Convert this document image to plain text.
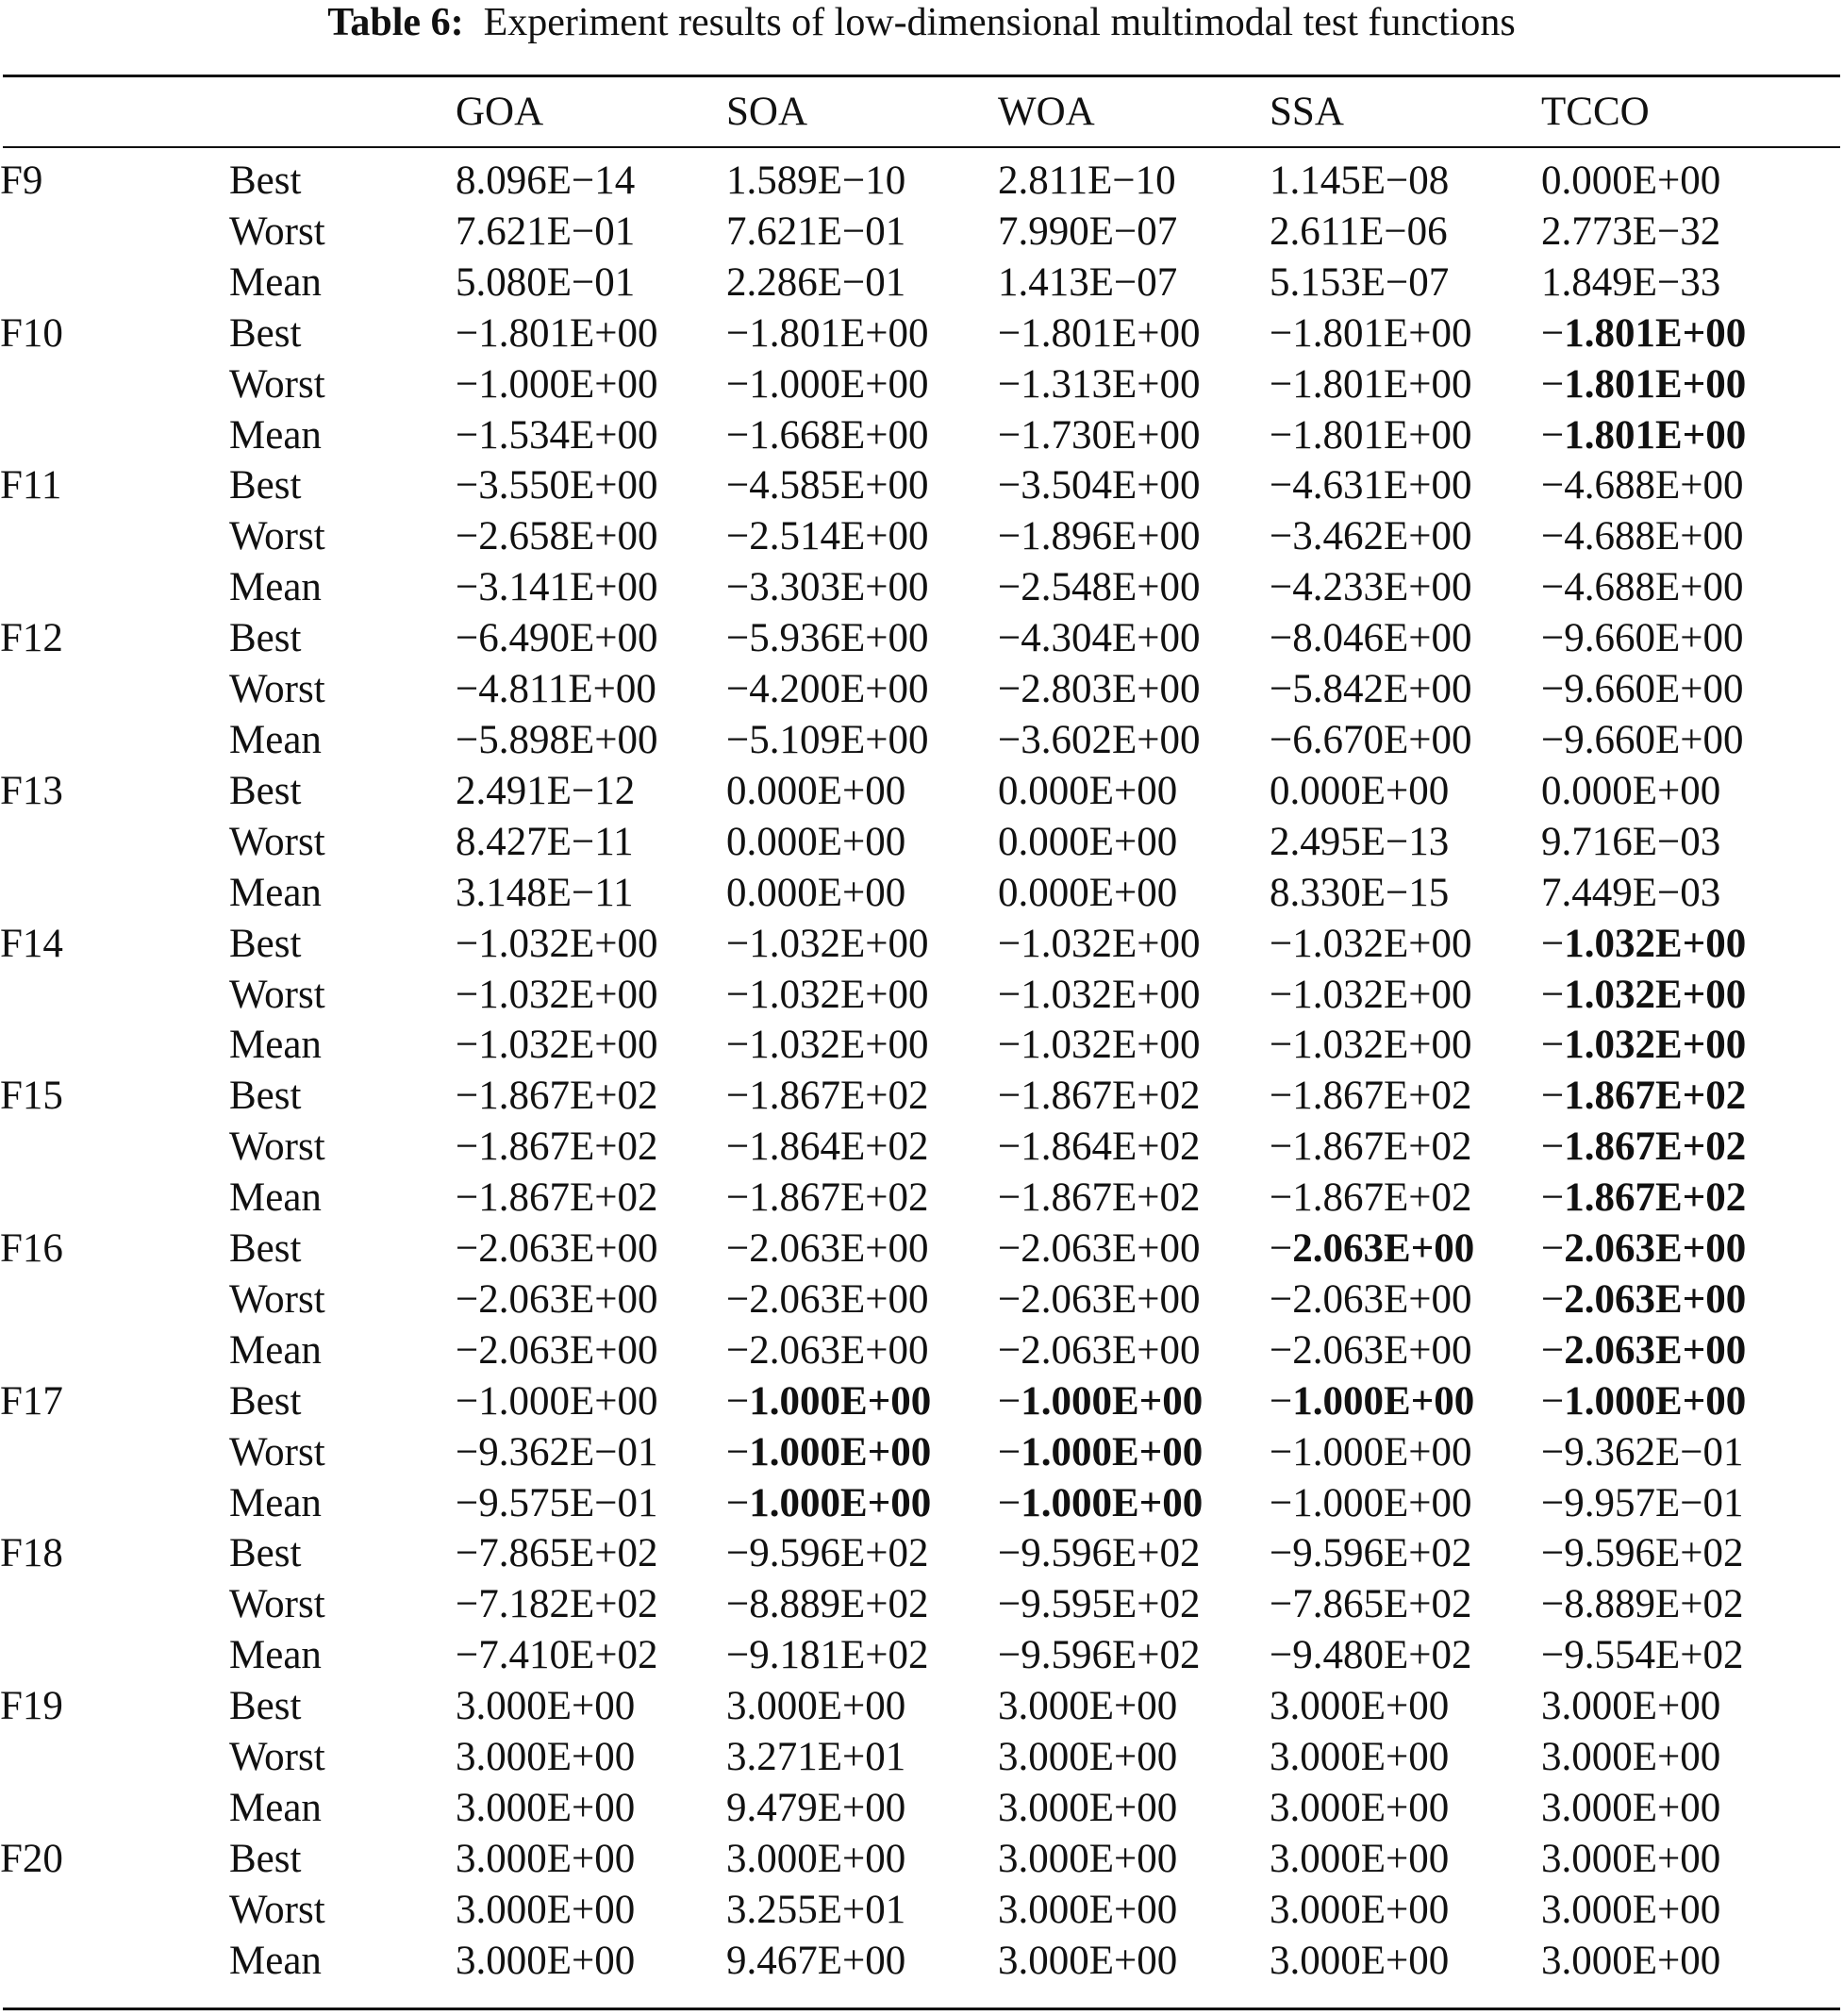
Table 6: Experiment results of low-dimensional multimodal test functions
		GOA	SOA	WOA	SSA	TCCO
F9	Best	8.096E−14	1.589E−10	2.811E−10	1.145E−08	0.000E+00
	Worst	7.621E−01	7.621E−01	7.990E−07	2.611E−06	2.773E−32
	Mean	5.080E−01	2.286E−01	1.413E−07	5.153E−07	1.849E−33
F10	Best	−1.801E+00	−1.801E+00	−1.801E+00	−1.801E+00	−1.801E+00
	Worst	−1.000E+00	−1.000E+00	−1.313E+00	−1.801E+00	−1.801E+00
	Mean	−1.534E+00	−1.668E+00	−1.730E+00	−1.801E+00	−1.801E+00
F11	Best	−3.550E+00	−4.585E+00	−3.504E+00	−4.631E+00	−4.688E+00
	Worst	−2.658E+00	−2.514E+00	−1.896E+00	−3.462E+00	−4.688E+00
	Mean	−3.141E+00	−3.303E+00	−2.548E+00	−4.233E+00	−4.688E+00
F12	Best	−6.490E+00	−5.936E+00	−4.304E+00	−8.046E+00	−9.660E+00
	Worst	−4.811E+00	−4.200E+00	−2.803E+00	−5.842E+00	−9.660E+00
	Mean	−5.898E+00	−5.109E+00	−3.602E+00	−6.670E+00	−9.660E+00
F13	Best	2.491E−12	0.000E+00	0.000E+00	0.000E+00	0.000E+00
	Worst	8.427E−11	0.000E+00	0.000E+00	2.495E−13	9.716E−03
	Mean	3.148E−11	0.000E+00	0.000E+00	8.330E−15	7.449E−03
F14	Best	−1.032E+00	−1.032E+00	−1.032E+00	−1.032E+00	−1.032E+00
	Worst	−1.032E+00	−1.032E+00	−1.032E+00	−1.032E+00	−1.032E+00
	Mean	−1.032E+00	−1.032E+00	−1.032E+00	−1.032E+00	−1.032E+00
F15	Best	−1.867E+02	−1.867E+02	−1.867E+02	−1.867E+02	−1.867E+02
	Worst	−1.867E+02	−1.864E+02	−1.864E+02	−1.867E+02	−1.867E+02
	Mean	−1.867E+02	−1.867E+02	−1.867E+02	−1.867E+02	−1.867E+02
F16	Best	−2.063E+00	−2.063E+00	−2.063E+00	−2.063E+00	−2.063E+00
	Worst	−2.063E+00	−2.063E+00	−2.063E+00	−2.063E+00	−2.063E+00
	Mean	−2.063E+00	−2.063E+00	−2.063E+00	−2.063E+00	−2.063E+00
F17	Best	−1.000E+00	−1.000E+00	−1.000E+00	−1.000E+00	−1.000E+00
	Worst	−9.362E−01	−1.000E+00	−1.000E+00	−1.000E+00	−9.362E−01
	Mean	−9.575E−01	−1.000E+00	−1.000E+00	−1.000E+00	−9.957E−01
F18	Best	−7.865E+02	−9.596E+02	−9.596E+02	−9.596E+02	−9.596E+02
	Worst	−7.182E+02	−8.889E+02	−9.595E+02	−7.865E+02	−8.889E+02
	Mean	−7.410E+02	−9.181E+02	−9.596E+02	−9.480E+02	−9.554E+02
F19	Best	3.000E+00	3.000E+00	3.000E+00	3.000E+00	3.000E+00
	Worst	3.000E+00	3.271E+01	3.000E+00	3.000E+00	3.000E+00
	Mean	3.000E+00	9.479E+00	3.000E+00	3.000E+00	3.000E+00
F20	Best	3.000E+00	3.000E+00	3.000E+00	3.000E+00	3.000E+00
	Worst	3.000E+00	3.255E+01	3.000E+00	3.000E+00	3.000E+00
	Mean	3.000E+00	9.467E+00	3.000E+00	3.000E+00	3.000E+00
